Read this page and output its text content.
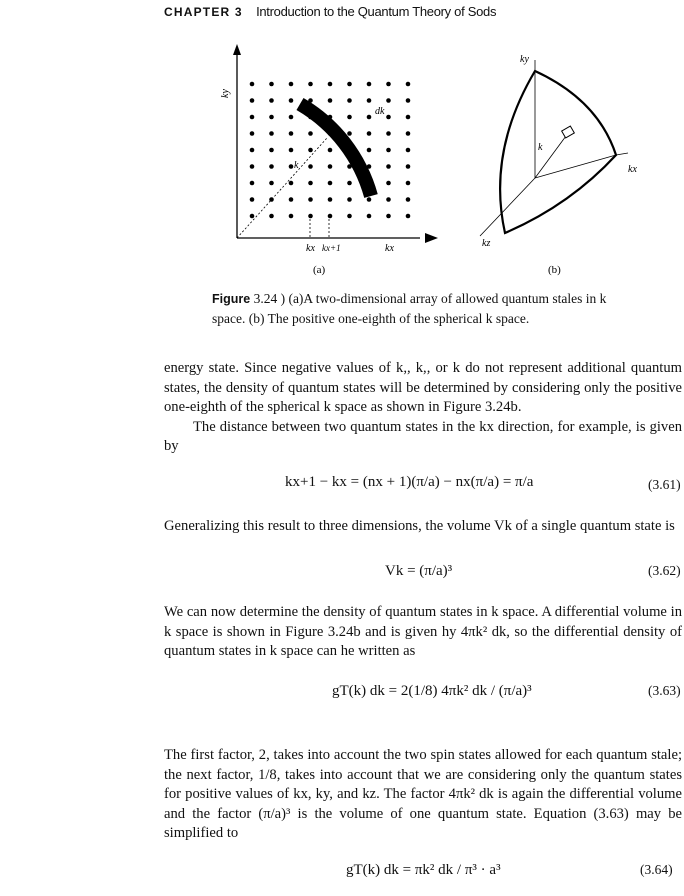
CHAPTER 3 Introduction to the Quantum Theory of Sods
dk
k
kx kx+1	kx
ky
(a)
ky
kx
kz
k
(b)
Figure 3.24 ) (a)A two-dimensional array of allowed quantum stales in k space. (b) The positive one-eighth of the spherical k space.

energy state. Since negative values of k,, k,, or k do not represent additional quantum states, the density of quantum states will be determined by considering only the positive one-eighth of the spherical k space as shown in Figure 3.24b.

The distance between two quantum states in the kx direction, for example, is given by

kx+1 − kx = (nx + 1)(π/a) − nx(π/a) = π/a	(3.61)

Generalizing this result to three dimensions, the volume Vk of a single quantum state is

Vk = (π/a)³	(3.62)

We can now determine the density of quantum states in k space. A differential volume in k space is shown in Figure 3.24b and is given hy 4πk² dk, so the differential density of quantum states in k space can he written as

gT(k) dk = 2(1/8) 4πk² dk / (π/a)³	(3.63)

The first factor, 2, takes into account the two spin states allowed for each quantum stale; the next factor, 1/8, takes into account that we are considering only the quantum states for positive values of kx, ky, and kz. The factor 4πk² dk is again the differential volume and the factor (π/a)³ is the volume of one quantum state. Equation (3.63) may be simplified to

gT(k) dk = πk² dk / π³ · a³	(3.64)
